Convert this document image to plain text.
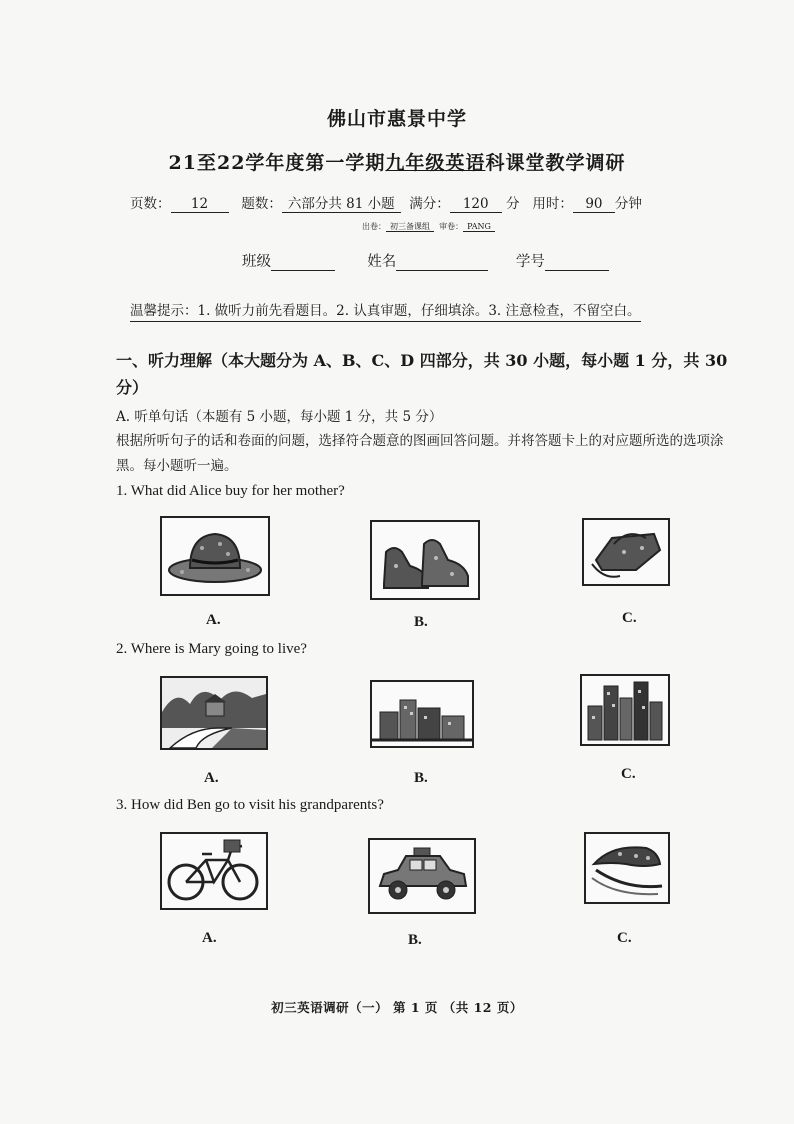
佛山市惠景中学
21至22学年度第一学期九年级英语科课堂教学调研
页数： 12 题数： 六部分共 81 小题 满分： 120 分 用时： 90 分钟
出卷： 初三备课组 审卷： PANG
班级	姓名	学号
温馨提示：1. 做听力前先看题目。2. 认真审题，仔细填涂。3. 注意检查，不留空白。
一、听力理解（本大题分为 A、B、C、D 四部分，共 30 小题，每小题 1 分，共 30 分）
A. 听单句话（本题有 5 小题，每小题 1 分，共 5 分）
根据所听句子的话和卷面的问题，选择符合题意的图画回答问题。并将答题卡上的对应题所选的选项涂黑。每小题听一遍。
1. What did Alice buy for her mother?
A.	B.	C.
2. Where is Mary going to live?
A.	B.	C.
3. How did Ben go to visit his grandparents?
A.	B.	C.
初三英语调研（一） 第 1 页 （共 12 页）
